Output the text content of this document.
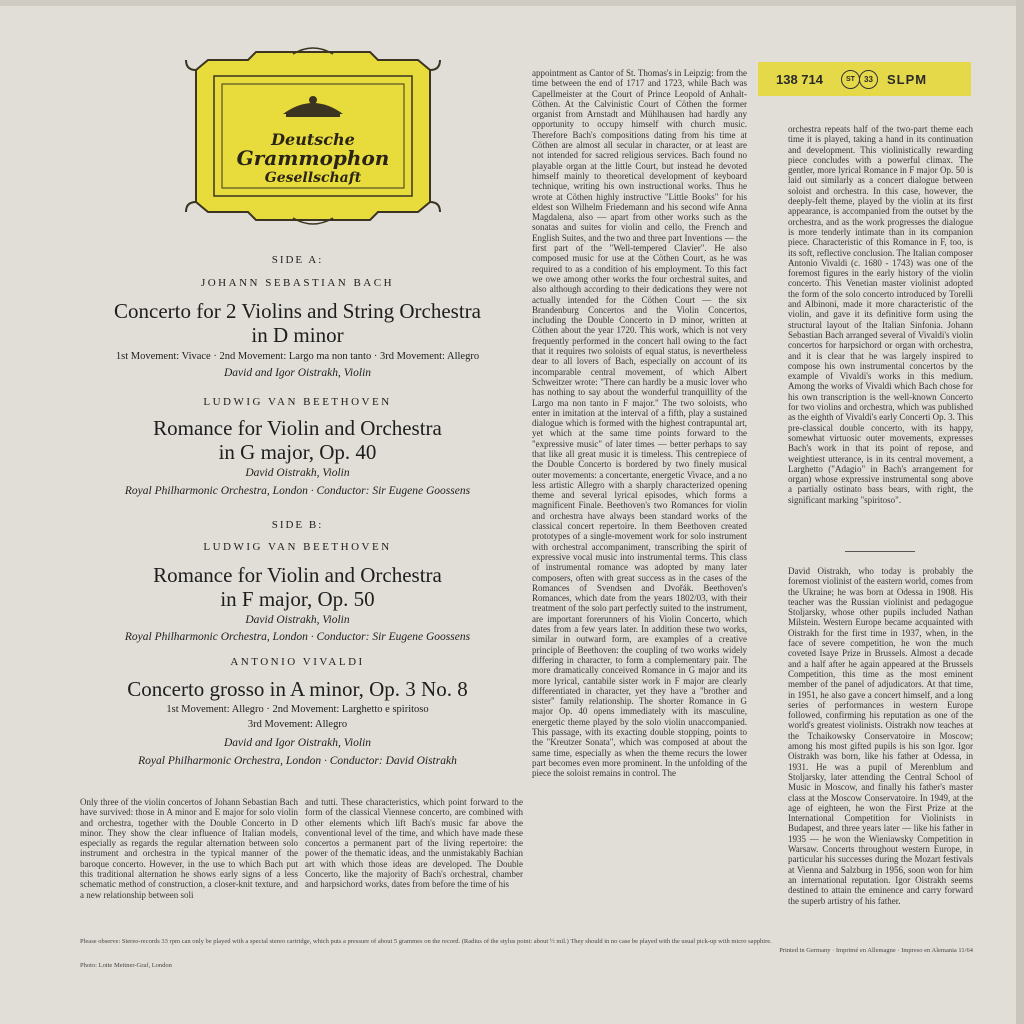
Deutsche
Grammophon
Gesellschaft
138 714	ST	33	SLPM
SIDE A:
JOHANN SEBASTIAN BACH
Concerto for 2 Violins and String Orchestra
in D minor
1st Movement: Vivace · 2nd Movement: Largo ma non tanto · 3rd Movement: Allegro
David and Igor Oistrakh, Violin
LUDWIG VAN BEETHOVEN
Romance for Violin and Orchestra
in G major, Op. 40
David Oistrakh, Violin
Royal Philharmonic Orchestra, London · Conductor: Sir Eugene Goossens
SIDE B:
LUDWIG VAN BEETHOVEN
Romance for Violin and Orchestra
in F major, Op. 50
David Oistrakh, Violin
Royal Philharmonic Orchestra, London · Conductor: Sir Eugene Goossens
ANTONIO VIVALDI
Concerto grosso in A minor, Op. 3 No. 8
1st Movement: Allegro · 2nd Movement: Larghetto e spiritoso
3rd Movement: Allegro
David and Igor Oistrakh, Violin
Royal Philharmonic Orchestra, London · Conductor: David Oistrakh

Only three of the violin concertos of Johann Sebastian Bach have survived: those in A minor and E major for solo violin and orchestra, together with the Double Concerto in D minor. They show the clear influence of Italian models, especially as regards the regular alternation between solo instrument and orchestra in the typical manner of the baroque concerto. However, in the use to which Bach put this traditional alternation he shows early signs of a less schematic method of construction, a closer-knit texture, and a new relationship between soli

and tutti. These characteristics, which point forward to the form of the classical Viennese concerto, are combined with other elements which lift Bach's music far above the conventional level of the time, and which have made these concertos a permanent part of the living repertoire: the power of the thematic ideas, and the unmistakably Bachian art with which those ideas are developed. The Double Concerto, like the majority of Bach's orchestral, chamber and harpsichord works, dates from before the time of his

appointment as Cantor of St. Thomas's in Leipzig: from the time between the end of 1717 and 1723, while Bach was Capellmeister at the Court of Prince Leopold of Anhalt-Cöthen. At the Calvinistic Court of Cöthen the former organist from Arnstadt and Mühlhausen had hardly any opportunity to occupy himself with church music. Therefore Bach's compositions dating from his time at Cöthen are almost all secular in character, or at least are not intended for sacred religious services. Bach found no playable organ at the little Court, but instead he devoted himself mainly to theoretical development of keyboard technique, writing his own instructional works. Thus he wrote at Cöthen highly instructive "Little Books" for his eldest son Wilhelm Friedemann and his second wife Anna Magdalena, also — apart from other works such as the sonatas and suites for violin and cello, the French and English Suites, and the two and three part Inventions — the first part of the "Well-tempered Clavier". He also composed music for use at the Cöthen Court, as he was required to as a condition of his employment. To this fact we owe among other works the four orchestral suites, and also although according to their dedications they were not actually intended for the Cöthen Court — the six Brandenburg Concertos and the Violin Concertos, including the Double Concerto in D minor, written at Cöthen about the year 1720. This work, which is not very frequently performed in the concert hall owing to the fact that it requires two soloists of equal status, is nevertheless dear to all lovers of Bach, especially on account of its incomparable central movement, of which Albert Schweitzer wrote: "There can hardly be a music lover who has nothing to say about the wonderful tranquillity of the Largo ma non tanto in F major." The two soloists, who enter in imitation at the interval of a fifth, play a sustained dialogue which is formed with the highest contrapuntal art, yet which at the same time points forward to the "expressive music" of later times — better perhaps to say that like all great music it is timeless. This centrepiece of the Double Concerto is bordered by two finely musical outer movements: a concertante, energetic Vivace, and a no less artistic Allegro with a sharply characterized opening theme and several lyrical episodes, which forms a magnificent Finale. Beethoven's two Romances for violin and orchestra have always been standard works of the classical concert repertoire. In them Beethoven created prototypes of a single-movement work for solo instrument with orchestral accompaniment, transcribing the spirit of expressive vocal music into instrumental terms. This class of instrumental romance was adopted by many later composers, often with great success as in the cases of the Romances of Svendsen and Dvořák. Beethoven's Romances, which date from the years 1802/03, with their treatment of the solo part perfectly suited to the instrument, are important forerunners of his Violin Concerto, which dates from a few years later. In addition these two works, similar in outward form, are examples of a creative principle of Beethoven: the coupling of two works widely differing in character, to form a complementary pair. The more dramatically conceived Romance in G major and its more lyrical, cantabile sister work in F major are clearly differentiated in character, yet they have a "brother and sister" family relationship. The shorter Romance in G major Op. 40 opens immediately with its masculine, energetic theme played by the solo violin unaccompanied. This passage, with its exacting double stopping, points to the "Kreutzer Sonata", which was composed at about the same time, especially as when the theme recurs the lower part becomes even more prominent. In the unfolding of the piece the soloist remains in control. The

orchestra repeats half of the two-part theme each time it is played, taking a hand in its continuation and development. This violinistically rewarding piece concludes with a powerful climax. The gentler, more lyrical Romance in F major Op. 50 is laid out similarly as a concert dialogue between soloist and orchestra. In this case, however, the deeply-felt theme, played by the violin at its first appearance, is accompanied from the outset by the orchestra, and as the work progresses the dialogue is more tenderly intimate than in its companion piece. Characteristic of this Romance in F, too, is its soft, reflective conclusion. The Italian composer Antonio Vivaldi (c. 1680 - 1743) was one of the foremost figures in the early history of the violin concerto. This Venetian master violinist adopted the form of the solo concerto introduced by Torelli and Albinoni, made it more characteristic of the violin, and gave it its definitive form using the structural layout of the Italian Sinfonia. Johann Sebastian Bach arranged several of Vivaldi's violin concertos for harpsichord or organ with orchestra, and it is clear that he was largely inspired to compose his own instrumental concertos by the example of Vivaldi's works in this medium. Among the works of Vivaldi which Bach chose for his own transcription is the well-known Concerto for two violins and orchestra, which was published as the eighth of Vivaldi's early Concerti Op. 3. This pre-classical double concerto, with its happy, somewhat virtuosic outer movements, expresses Bach's work in that its point of repose, and weightiest utterance, is in its central movement, a Larghetto ("Adagio" in Bach's arrangement for organ) whose expressive instrumental song above a partially ostinato bass bears, with right, the significant marking "spiritoso".

David Oistrakh, who today is probably the foremost violinist of the eastern world, comes from the Ukraine; he was born at Odessa in 1908. His teacher was the Russian violinist and pedagogue Stoljarsky, whose other pupils included Nathan Milstein. Western Europe became acquainted with Oistrakh for the first time in 1937, when, in the face of severe competition, he won the much coveted Isaye Prize in Brussels. Almost a decade and a half after he again appeared at the Brussels Competition, this time as the most eminent member of the panel of adjudicators. At that time, in 1951, he also gave a concert himself, and a long series of performances in western Europe followed, confirming his reputation as one of the world's greatest violinists. Oistrakh now teaches at the Tchaikowsky Conservatoire in Moscow; among his most gifted pupils is his son Igor. Igor Oistrakh was born, like his father at Odessa, in 1931. He was a pupil of Merenblum and Stoljarsky, later attending the Central School of Music in Moscow, and finally his father's master class at the Moscow Conservatoire. In 1949, at the age of eighteen, he won the First Prize at the International Competition for Violinists in Budapest, and three years later — like his father in 1935 — he won the Wieniawsky Competition in Warsaw. Concerts throughout western Europe, in particular his successes during the Mozart festivals at Vienna and Salzburg in 1956, soon won for him an international reputation. Igor Oistrakh seems destined to attain the eminence and carry forward the superb artistry of his father.

Please observe: Stereo-records 33 rpm can only be played with a special stereo cartridge, which puts a pressure of about 5 grammes on the record. (Radius of the stylus point: about ½ mil.) They should in no case be played with the usual pick-up with micro sapphire.
Printed in Germany · Imprimé en Allemagne · Impreso en Alemania 11/64
Photo: Lotte Meitner-Graf, London
